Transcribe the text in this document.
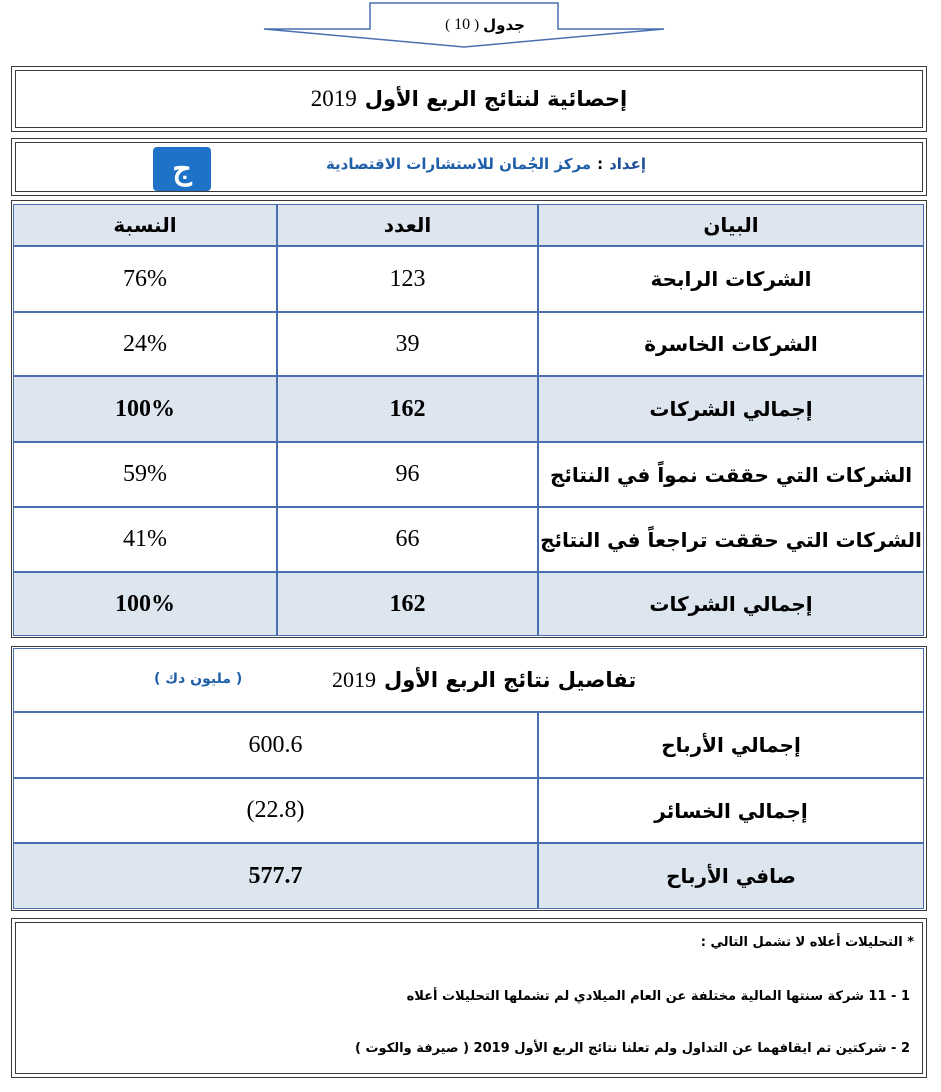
جدول
(
10
)
إحصائية لنتائج الربع الأول
2019
إعداد
:
مركز الجُمان للاستشارات الاقتصادية
ج
البيان
العدد
النسبة
الشركات الرابحة
123
76%
الشركات الخاسرة
39
24%
إجمالي الشركات
162
100%
الشركات التي حققت نمواً في النتائج
96
59%
الشركات التي حققت تراجعاً في النتائج
66
41%
إجمالي الشركات
162
100%
تفاصيل نتائج الربع الأول
2019
( مليون دك )
إجمالي الأرباح
600.6
إجمالي الخسائر
(22.8)
صافي الأرباح
577.7
* التحليلات أعلاه لا تشمل التالي :
1 - 11 شركة سنتها المالية مختلفة عن العام الميلادي لم تشملها التحليلات أعلاه
2 - شركتين تم ايقافهما عن التداول ولم تعلنا نتائج الربع الأول 2019 ( صيرفة والكوت )
